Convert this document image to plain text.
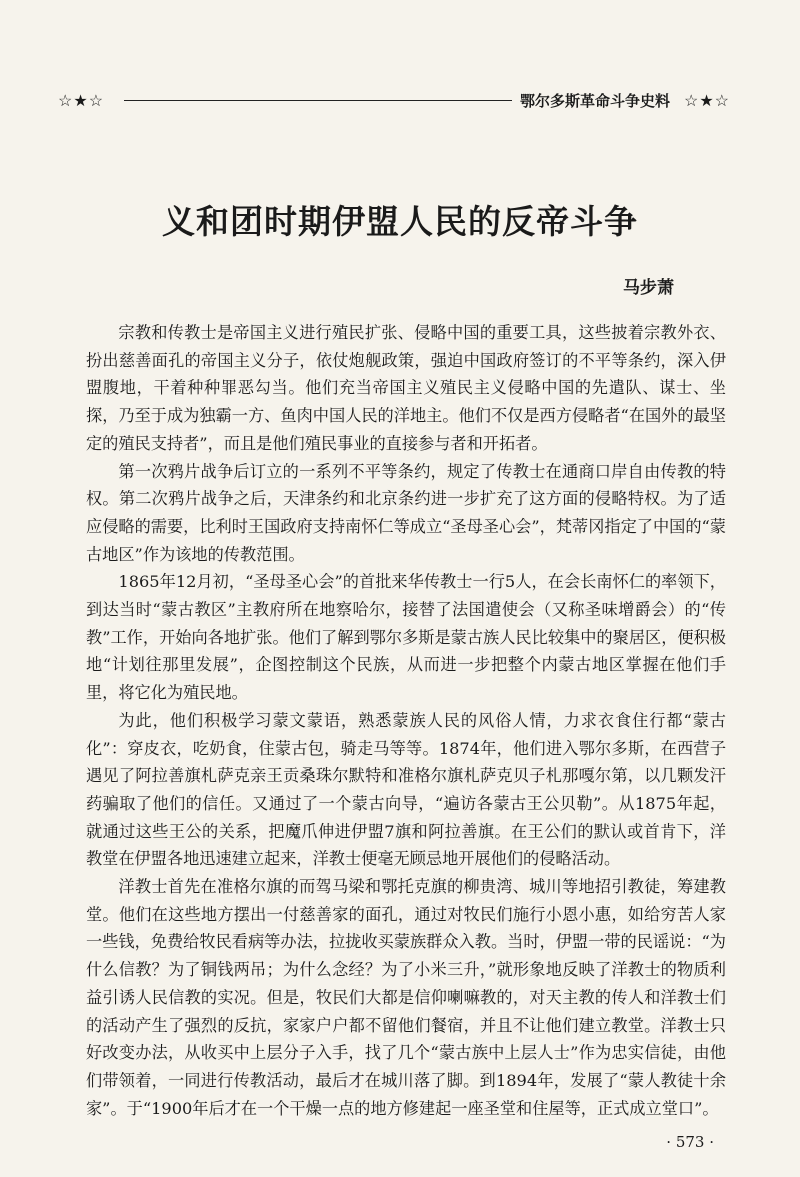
☆★☆	鄂尔多斯革命斗争史料 ☆★☆
义和团时期伊盟人民的反帝斗争

马步萧

宗教和传教士是帝国主义进行殖民扩张、侵略中国的重要工具，这些披着宗教外衣、扮出慈善面孔的帝国主义分子，依仗炮舰政策，强迫中国政府签订的不平等条约，深入伊盟腹地，干着种种罪恶勾当。他们充当帝国主义殖民主义侵略中国的先遣队、谋士、坐探，乃至于成为独霸一方、鱼肉中国人民的洋地主。他们不仅是西方侵略者“在国外的最坚定的殖民支持者”，而且是他们殖民事业的直接参与者和开拓者。

第一次鸦片战争后订立的一系列不平等条约，规定了传教士在通商口岸自由传教的特权。第二次鸦片战争之后，天津条约和北京条约进一步扩充了这方面的侵略特权。为了适应侵略的需要，比利时王国政府支持南怀仁等成立“圣母圣心会”，梵蒂冈指定了中国的“蒙古地区”作为该地的传教范围。

1865年12月初，“圣母圣心会”的首批来华传教士一行5人，在会长南怀仁的率领下，到达当时“蒙古教区”主教府所在地察哈尔，接替了法国遣使会（又称圣味增爵会）的“传教”工作，开始向各地扩张。他们了解到鄂尔多斯是蒙古族人民比较集中的聚居区，便积极地“计划往那里发展”，企图控制这个民族，从而进一步把整个内蒙古地区掌握在他们手里，将它化为殖民地。

为此，他们积极学习蒙文蒙语，熟悉蒙族人民的风俗人情，力求衣食住行都“蒙古化”：穿皮衣，吃奶食，住蒙古包，骑走马等等。1874年，他们进入鄂尔多斯，在西营子遇见了阿拉善旗札萨克亲王贡桑珠尔默特和准格尔旗札萨克贝子札那嘎尔第，以几颗发汗药骗取了他们的信任。又通过了一个蒙古向导，“遍访各蒙古王公贝勒”。从1875年起，就通过这些王公的关系，把魔爪伸进伊盟7旗和阿拉善旗。在王公们的默认或首肯下，洋教堂在伊盟各地迅速建立起来，洋教士便毫无顾忌地开展他们的侵略活动。

洋教士首先在准格尔旗的而驾马梁和鄂托克旗的柳贵湾、城川等地招引教徒，筹建教堂。他们在这些地方摆出一付慈善家的面孔，通过对牧民们施行小恩小惠，如给穷苦人家一些钱，免费给牧民看病等办法，拉拢收买蒙族群众入教。当时，伊盟一带的民谣说：“为什么信教？为了铜钱两吊；为什么念经？为了小米三升，”就形象地反映了洋教士的物质利益引诱人民信教的实况。但是，牧民们大都是信仰喇嘛教的，对天主教的传人和洋教士们的活动产生了强烈的反抗，家家户户都不留他们餐宿，并且不让他们建立教堂。洋教士只好改变办法，从收买中上层分子入手，找了几个“蒙古族中上层人士”作为忠实信徒，由他们带领着，一同进行传教活动，最后才在城川落了脚。到1894年，发展了“蒙人教徒十余家”。于“1900年后才在一个干燥一点的地方修建起一座圣堂和住屋等，正式成立堂口”。

· 573 ·
